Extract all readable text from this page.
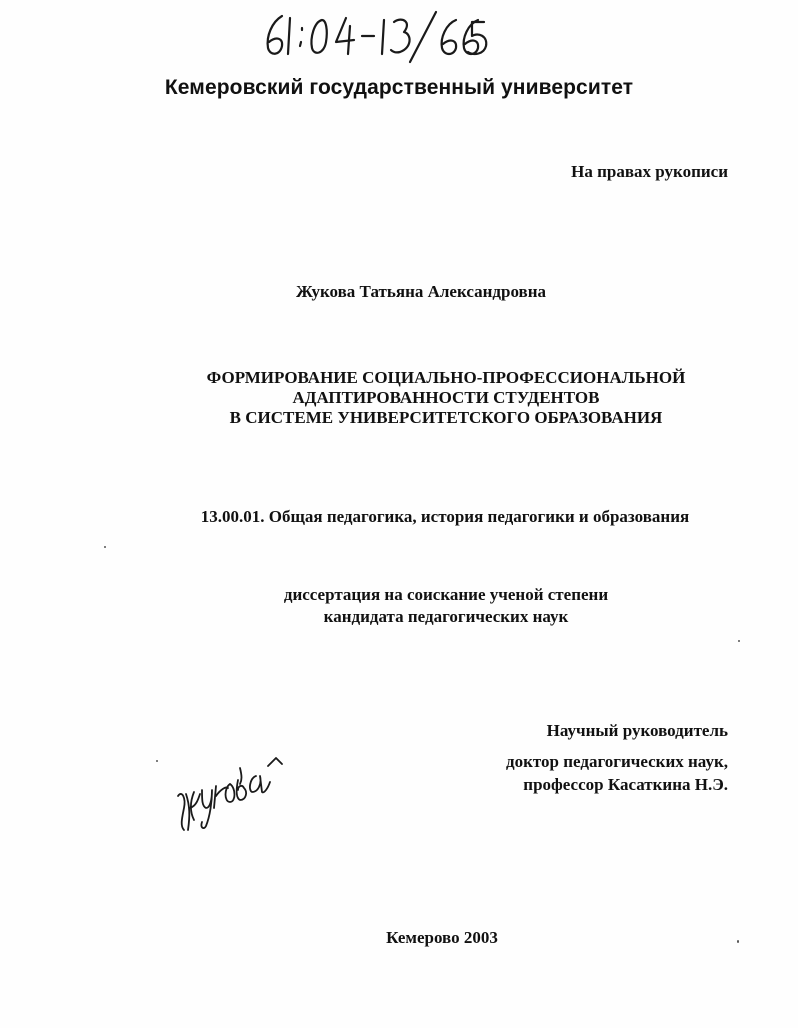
61:04-13/665
Кемеровский государственный университет
На правах рукописи
Жукова Татьяна Александровна
ФОРМИРОВАНИЕ СОЦИАЛЬНО-ПРОФЕССИОНАЛЬНОЙ
АДАПТИРОВАННОСТИ СТУДЕНТОВ
В СИСТЕМЕ УНИВЕРСИТЕТСКОГО ОБРАЗОВАНИЯ
13.00.01. Общая педагогика, история педагогики и образования
диссертация на соискание ученой степени
кандидата педагогических наук
Научный руководитель
доктор педагогических наук,
профессор Касаткина Н.Э.
Жукова
Кемерово 2003
